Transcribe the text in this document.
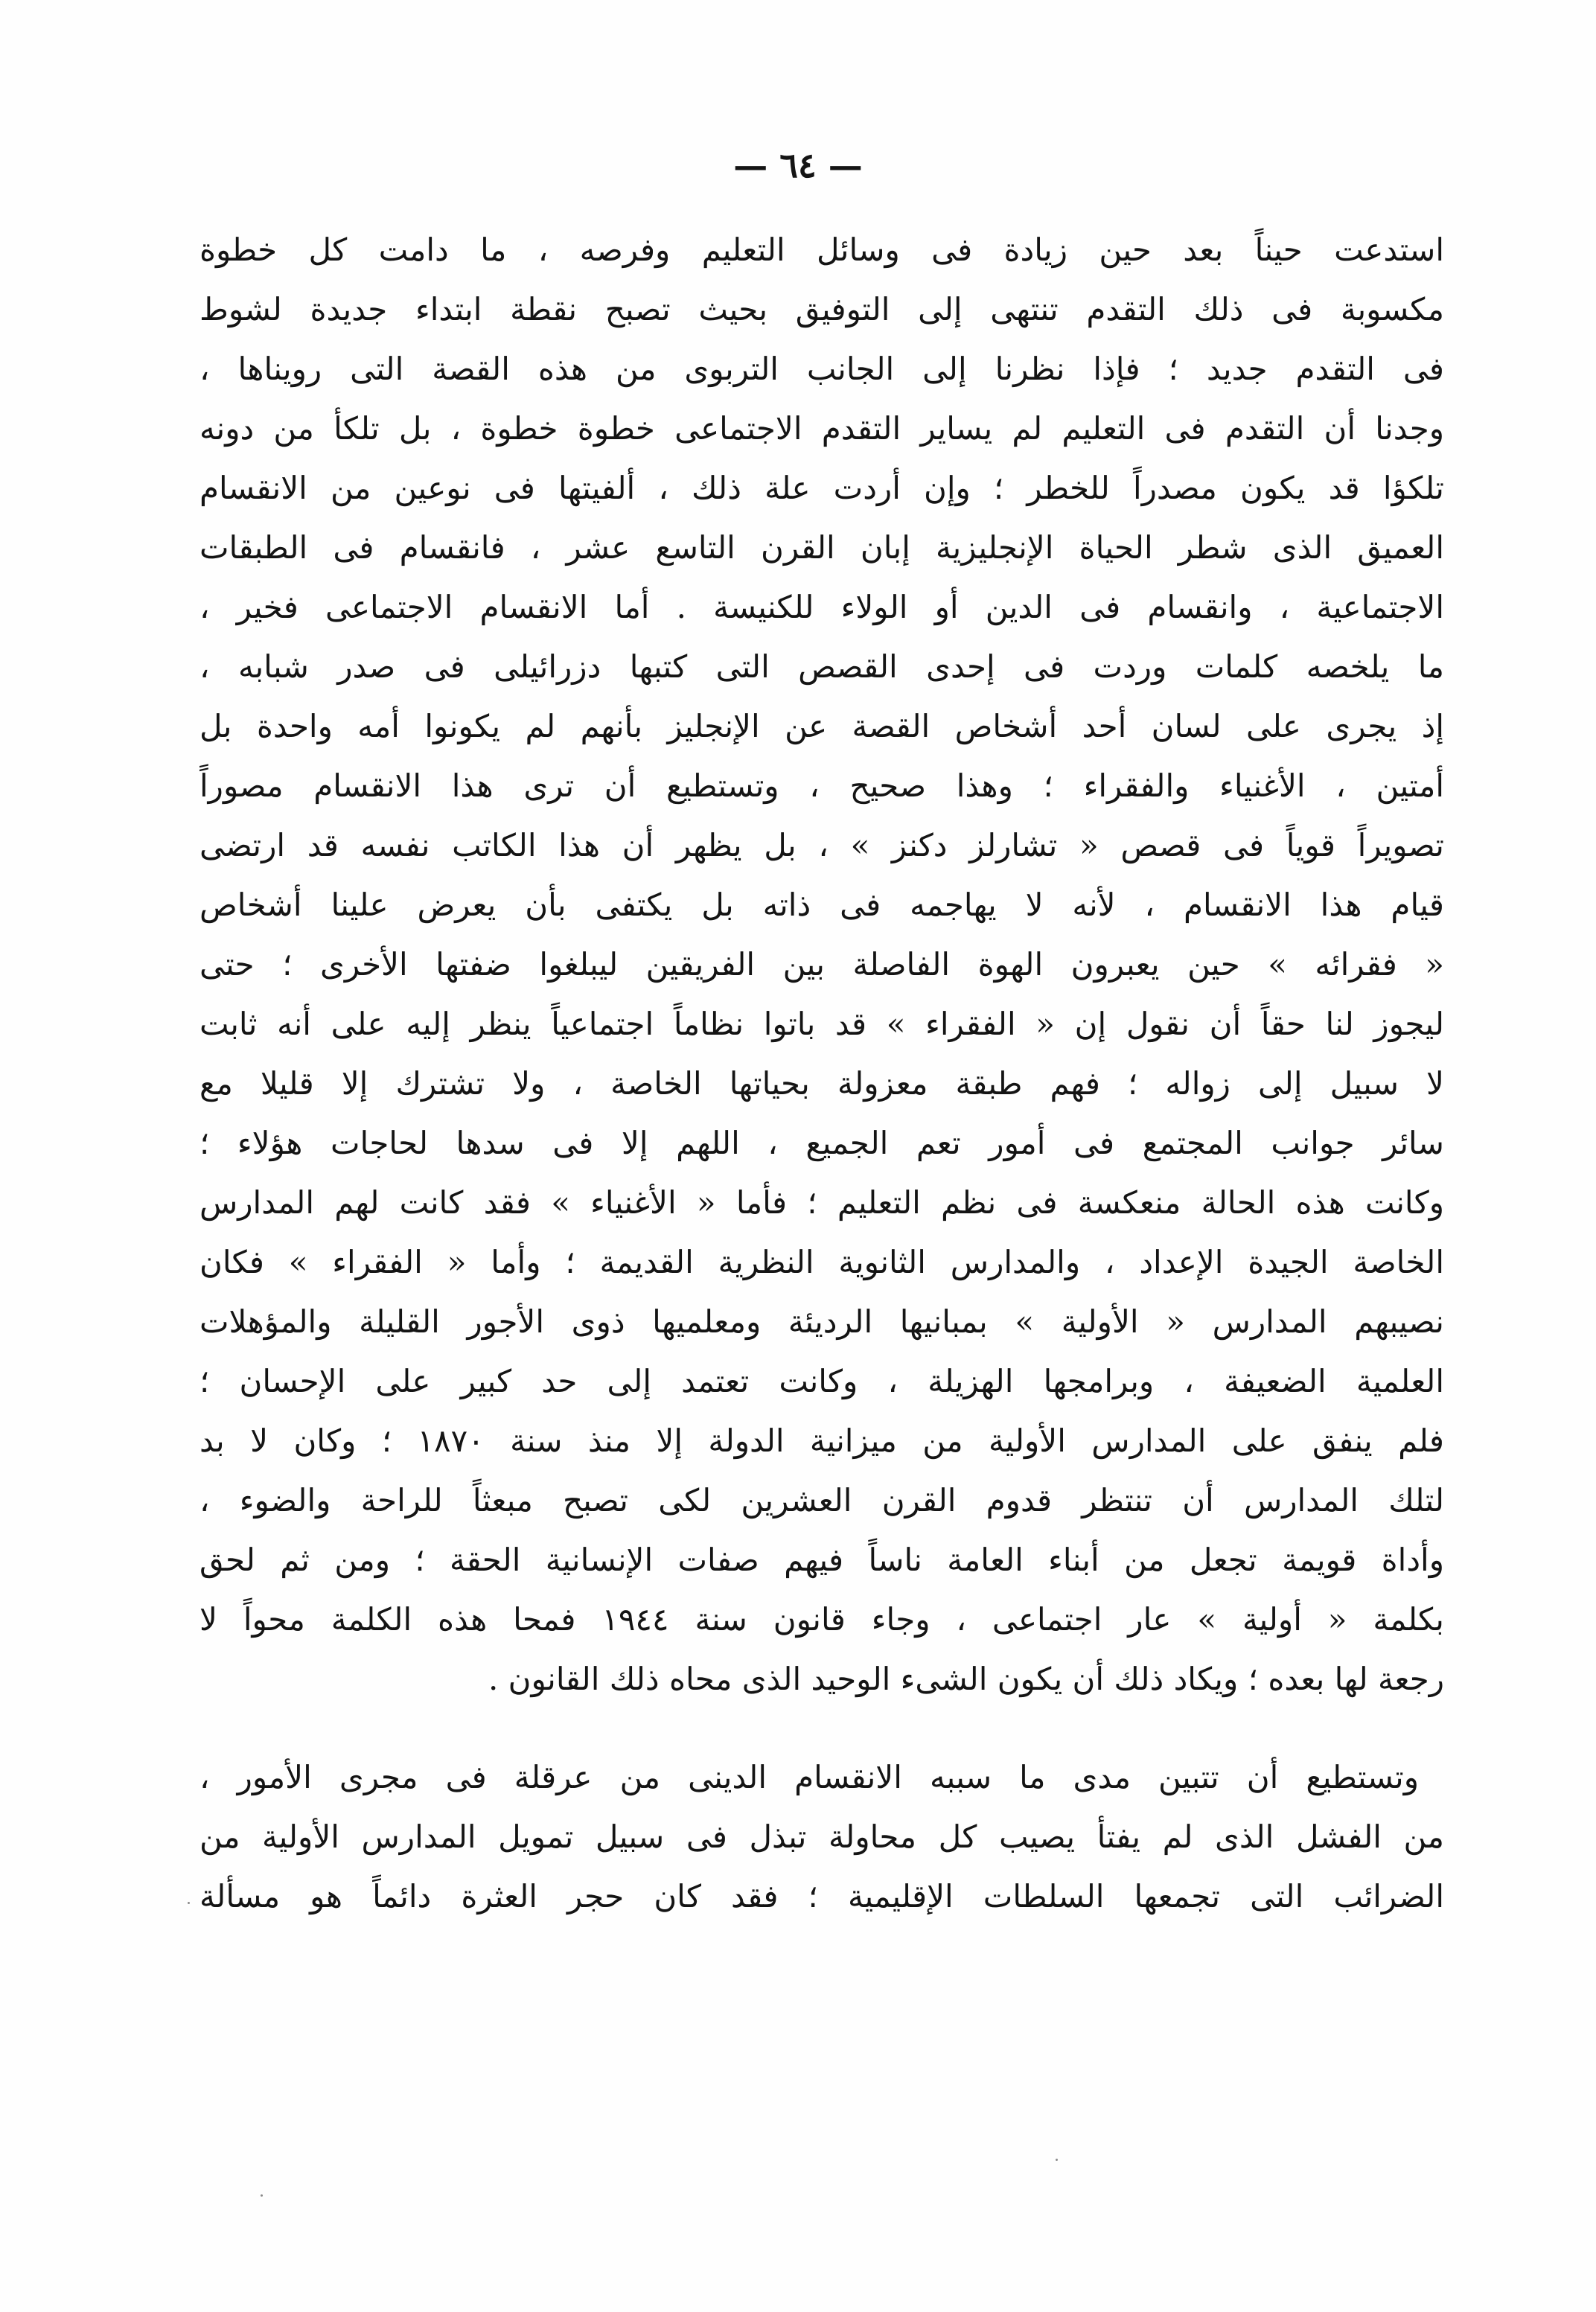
— ٦٤ —
استدعت حيناً بعد حين زيادة فى وسائل التعليم وفرصه ، ما دامت كل خطوة
مكسوبة فى ذلك التقدم تنتهى إلى التوفيق بحيث تصبح نقطة ابتداء جديدة لشوط
فى التقدم جديد ؛ فإذا نظرنا إلى الجانب التربوى من هذه القصة التى رويناها ،
وجدنا أن التقدم فى التعليم لم يساير التقدم الاجتماعى خطوة خطوة ، بل تلكأ من دونه
تلكؤا قد يكون مصدراً للخطر ؛ وإن أردت علة ذلك ، ألفيتها فى نوعين من الانقسام
العميق الذى شطر الحياة الإنجليزية إبان القرن التاسع عشر ، فانقسام فى الطبقات
الاجتماعية ، وانقسام فى الدين أو الولاء للكنيسة . أما الانقسام الاجتماعى فخير ،
ما يلخصه كلمات وردت فى إحدى القصص التى كتبها دزرائيلى فى صدر شبابه ،
إذ يجرى على لسان أحد أشخاص القصة عن الإنجليز بأنهم لم يكونوا أمه واحدة بل
أمتين ، الأغنياء والفقراء ؛ وهذا صحيح ، وتستطيع أن ترى هذا الانقسام مصوراً
تصويراً قوياً فى قصص « تشارلز دكنز » ، بل يظهر أن هذا الكاتب نفسه قد ارتضى
قيام هذا الانقسام ، لأنه لا يهاجمه فى ذاته بل يكتفى بأن يعرض علينا أشخاص
« فقرائه » حين يعبرون الهوة الفاصلة بين الفريقين ليبلغوا ضفتها الأخرى ؛ حتى
ليجوز لنا حقاً أن نقول إن « الفقراء » قد باتوا نظاماً اجتماعياً ينظر إليه على أنه ثابت
لا سبيل إلى زواله ؛ فهم طبقة معزولة بحياتها الخاصة ، ولا تشترك إلا قليلا مع
سائر جوانب المجتمع فى أمور تعم الجميع ، اللهم إلا فى سدها لحاجات هؤلاء ؛
وكانت هذه الحالة منعكسة فى نظم التعليم ؛ فأما « الأغنياء » فقد كانت لهم المدارس
الخاصة الجيدة الإعداد ، والمدارس الثانوية النظرية القديمة ؛ وأما « الفقراء » فكان
نصيبهم المدارس « الأولية » بمبانيها الرديئة ومعلميها ذوى الأجور القليلة والمؤهلات
العلمية الضعيفة ، وبرامجها الهزيلة ، وكانت تعتمد إلى حد كبير على الإحسان ؛
فلم ينفق على المدارس الأولية من ميزانية الدولة إلا منذ سنة ١٨٧٠ ؛ وكان لا بد
لتلك المدارس أن تنتظر قدوم القرن العشرين لكى تصبح مبعثاً للراحة والضوء ،
وأداة قويمة تجعل من أبناء العامة ناساً فيهم صفات الإنسانية الحقة ؛ ومن ثم لحق
بكلمة « أولية » عار اجتماعى ، وجاء قانون سنة ١٩٤٤ فمحا هذه الكلمة محواً لا
رجعة لها بعده ؛ ويكاد ذلك أن يكون الشىء الوحيد الذى محاه ذلك القانون .
وتستطيع أن تتبين مدى ما سببه الانقسام الدينى من عرقلة فى مجرى الأمور ،
من الفشل الذى لم يفتأ يصيب كل محاولة تبذل فى سبيل تمويل المدارس الأولية من
الضرائب التى تجمعها السلطات الإقليمية ؛ فقد كان حجر العثرة دائماً هو مسألة
